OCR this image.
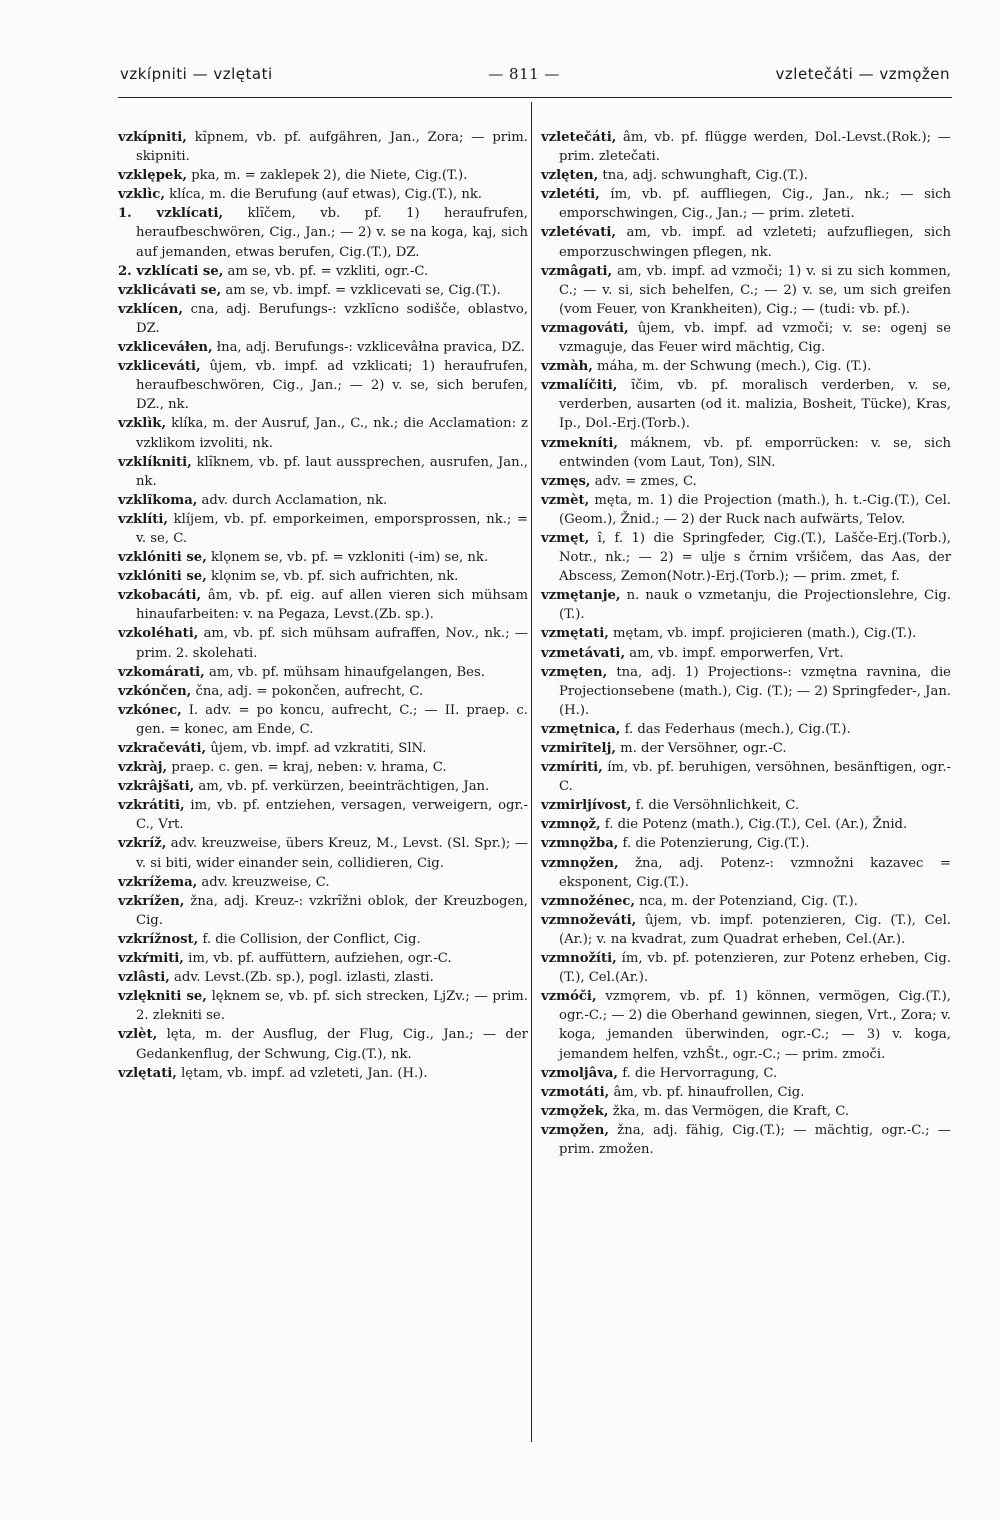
vzkípniti — vzlętati	— 811 —	vzletečáti — vzmǫžen

vzkípniti, kȋpnem, vb. pf. aufgähren, Jan., Zora; — prim. skipniti.

vzklępek, pka, m. = zaklepek 2), die Niete, Cig.(T.).

vzklìc, klíca, m. die Berufung (auf etwas), Cig.(T.), nk.

1. vzklícati, klȋčem, vb. pf. 1) heraufrufen, heraufbeschwören, Cig., Jan.; — 2) v. se na koga, kaj, sich auf jemanden, etwas berufen, Cig.(T.), DZ.

2. vzklícati se, am se, vb. pf. = vzkliti, ogr.-C.

vzklicávati se, am se, vb. impf. = vzklicevati se, Cig.(T.).

vzklícen, cna, adj. Berufungs-: vzklȋcno sodišče, oblastvo, DZ.

vzkliceváłen, łna, adj. Berufungs-: vzklicevâłna pravica, DZ.

vzkliceváti, ûjem, vb. impf. ad vzklicati; 1) heraufrufen, heraufbeschwören, Cig., Jan.; — 2) v. se, sich berufen, DZ., nk.

vzklìk, klíka, m. der Ausruf, Jan., C., nk.; die Acclamation: z vzklikom izvoliti, nk.

vzklíkniti, klȋknem, vb. pf. laut aussprechen, ausrufen, Jan., nk.

vzklȋkoma, adv. durch Acclamation, nk.

vzklíti, klíjem, vb. pf. emporkeimen, emporsprossen, nk.; = v. se, C.

vzklóniti se, klǫnem se, vb. pf. = vzkloniti (-im) se, nk.

vzklóniti se, klǫnim se, vb. pf. sich aufrichten, nk.

vzkobacáti, âm, vb. pf. eig. auf allen vieren sich mühsam hinaufarbeiten: v. na Pegaza, Levst.(Zb. sp.).

vzkoléhati, am, vb. pf. sich mühsam aufraffen, Nov., nk.; — prim. 2. skolehati.

vzkomárati, am, vb. pf. mühsam hinaufgelangen, Bes.

vzkónčen, čna, adj. = pokončen, aufrecht, C.

vzkónec, I. adv. = po koncu, aufrecht, C.; — II. praep. c. gen. = konec, am Ende, C.

vzkračeváti, ûjem, vb. impf. ad vzkratiti, SlN.

vzkràj, praep. c. gen. = kraj, neben: v. hrama, C.

vzkrâjšati, am, vb. pf. verkürzen, beeinträchtigen, Jan.

vzkrátiti, im, vb. pf. entziehen, versagen, verweigern, ogr.-C., Vrt.

vzkríž, adv. kreuzweise, übers Kreuz, M., Levst. (Sl. Spr.); — v. si biti, wider einander sein, collidieren, Cig.

vzkrížema, adv. kreuzweise, C.

vzkrížen, žna, adj. Kreuz-: vzkrȋžni oblok, der Kreuzbogen, Cig.

vzkrížnost, f. die Collision, der Conflict, Cig.

vzkŕmiti, im, vb. pf. auffüttern, aufziehen, ogr.-C.

vzlâsti, adv. Levst.(Zb. sp.), pogl. izlasti, zlasti.

vzlękniti se, lęknem se, vb. pf. sich strecken, LjZv.; — prim. 2. zlekniti se.

vzlèt, lęta, m. der Ausflug, der Flug, Cig., Jan.; — der Gedankenflug, der Schwung, Cig.(T.), nk.

vzlętati, lętam, vb. impf. ad vzleteti, Jan. (H.).

vzletečáti, âm, vb. pf. flügge werden, Dol.-Levst.(Rok.); — prim. zletečati.

vzlęten, tna, adj. schwunghaft, Cig.(T.).

vzletéti, ím, vb. pf. auffliegen, Cig., Jan., nk.; — sich emporschwingen, Cig., Jan.; — prim. zleteti.

vzletévati, am, vb. impf. ad vzleteti; aufzufliegen, sich emporzuschwingen pflegen, nk.

vzmâgati, am, vb. impf. ad vzmoči; 1) v. si zu sich kommen, C.; — v. si, sich behelfen, C.; — 2) v. se, um sich greifen (vom Feuer, von Krankheiten), Cig.; — (tudi: vb. pf.).

vzmagováti, ûjem, vb. impf. ad vzmoči; v. se: ogenj se vzmaguje, das Feuer wird mächtig, Cig.

vzmàh, máha, m. der Schwung (mech.), Cig. (T.).

vzmalíčiti, ȋčim, vb. pf. moralisch verderben, v. se, verderben, ausarten (od it. malizia, Bosheit, Tücke), Kras, Ip., Dol.-Erj.(Torb.).

vzmekníti, máknem, vb. pf. emporrücken: v. se, sich entwinden (vom Laut, Ton), SlN.

vzmęs, adv. = zmes, C.

vzmèt, męta, m. 1) die Projection (math.), h. t.-Cig.(T.), Cel.(Geom.), Žnid.; — 2) der Ruck nach aufwärts, Telov.

vzmęt, î, f. 1) die Springfeder, Cig.(T.), Lašče-Erj.(Torb.), Notr., nk.; — 2) = ulje s črnim vršičem, das Aas, der Abscess, Zemon(Notr.)-Erj.(Torb.); — prim. zmet, f.

vzmętanje, n. nauk o vzmetanju, die Projectionslehre, Cig.(T.).

vzmętati, mętam, vb. impf. projicieren (math.), Cig.(T.).

vzmetávati, am, vb. impf. emporwerfen, Vrt.

vzmęten, tna, adj. 1) Projections-: vzmętna ravnina, die Projectionsebene (math.), Cig. (T.); — 2) Springfeder-, Jan.(H.).

vzmętnica, f. das Federhaus (mech.), Cig.(T.).

vzmirȋtelj, m. der Versöhner, ogr.-C.

vzmíriti, ím, vb. pf. beruhigen, versöhnen, besänftigen, ogr.-C.

vzmirljívost, f. die Versöhnlichkeit, C.

vzmnǫž, f. die Potenz (math.), Cig.(T.), Cel. (Ar.), Žnid.

vzmnǫžba, f. die Potenzierung, Cig.(T.).

vzmnǫžen, žna, adj. Potenz-: vzmnožni kazavec = eksponent, Cig.(T.).

vzmnožénec, nca, m. der Potenziand, Cig. (T.).

vzmnoževáti, ûjem, vb. impf. potenzieren, Cig. (T.), Cel.(Ar.); v. na kvadrat, zum Quadrat erheben, Cel.(Ar.).

vzmnožíti, ím, vb. pf. potenzieren, zur Potenz erheben, Cig.(T.), Cel.(Ar.).

vzmóči, vzmǫrem, vb. pf. 1) können, vermögen, Cig.(T.), ogr.-C.; — 2) die Oberhand gewinnen, siegen, Vrt., Zora; v. koga, jemanden überwinden, ogr.-C.; — 3) v. koga, jemandem helfen, vzhŠt., ogr.-C.; — prim. zmoči.

vzmoljâva, f. die Hervorragung, C.

vzmotáti, âm, vb. pf. hinaufrollen, Cig.

vzmǫžek, žka, m. das Vermögen, die Kraft, C.

vzmǫžen, žna, adj. fähig, Cig.(T.); — mächtig, ogr.-C.; — prim. zmožen.
